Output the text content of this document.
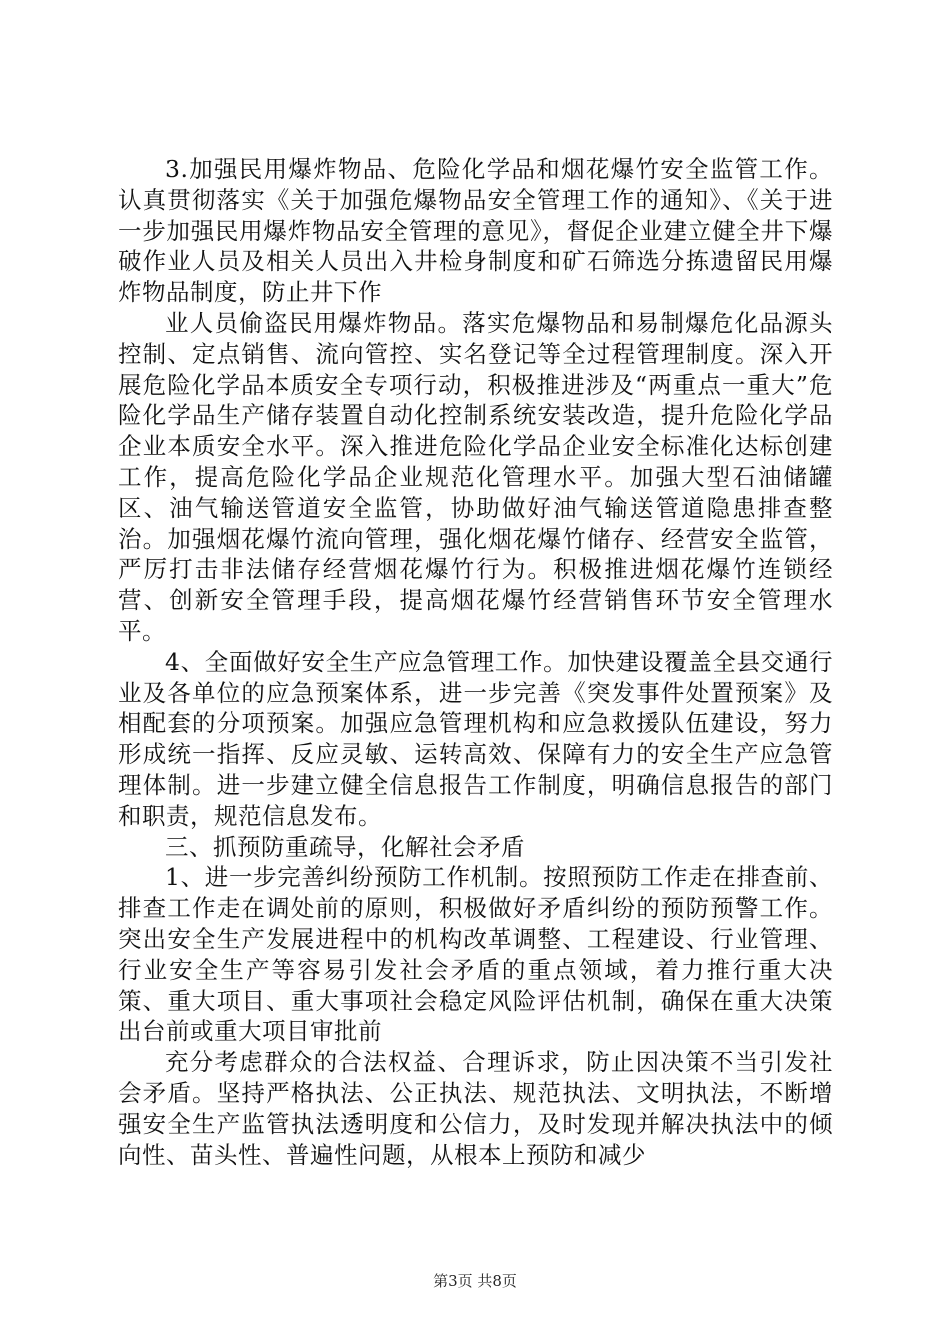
3.加强民用爆炸物品、危险化学品和烟花爆竹安全监管工作。认真贯彻落实《关于加强危爆物品安全管理工作的通知》、《关于进一步加强民用爆炸物品安全管理的意见》，督促企业建立健全井下爆破作业人员及相关人员出入井检身制度和矿石筛选分拣遗留民用爆炸物品制度，防止井下作

业人员偷盗民用爆炸物品。落实危爆物品和易制爆危化品源头控制、定点销售、流向管控、实名登记等全过程管理制度。深入开展危险化学品本质安全专项行动，积极推进涉及“两重点一重大”危险化学品生产储存装置自动化控制系统安装改造，提升危险化学品企业本质安全水平。深入推进危险化学品企业安全标准化达标创建工作，提高危险化学品企业规范化管理水平。加强大型石油储罐区、油气输送管道安全监管，协助做好油气输送管道隐患排查整治。加强烟花爆竹流向管理，强化烟花爆竹储存、经营安全监管，严厉打击非法储存经营烟花爆竹行为。积极推进烟花爆竹连锁经营、创新安全管理手段，提高烟花爆竹经营销售环节安全管理水平。

4、全面做好安全生产应急管理工作。加快建设覆盖全县交通行业及各单位的应急预案体系，进一步完善《突发事件处置预案》及相配套的分项预案。加强应急管理机构和应急救援队伍建设，努力形成统一指挥、反应灵敏、运转高效、保障有力的安全生产应急管理体制。进一步建立健全信息报告工作制度，明确信息报告的部门和职责，规范信息发布。

三、抓预防重疏导，化解社会矛盾

1、进一步完善纠纷预防工作机制。按照预防工作走在排查前、排查工作走在调处前的原则，积极做好矛盾纠纷的预防预警工作。突出安全生产发展进程中的机构改革调整、工程建设、行业管理、行业安全生产等容易引发社会矛盾的重点领域，着力推行重大决策、重大项目、重大事项社会稳定风险评估机制，确保在重大决策出台前或重大项目审批前

充分考虑群众的合法权益、合理诉求，防止因决策不当引发社会矛盾。坚持严格执法、公正执法、规范执法、文明执法，不断增强安全生产监管执法透明度和公信力，及时发现并解决执法中的倾向性、苗头性、普遍性问题，从根本上预防和减少

第3页 共8页
